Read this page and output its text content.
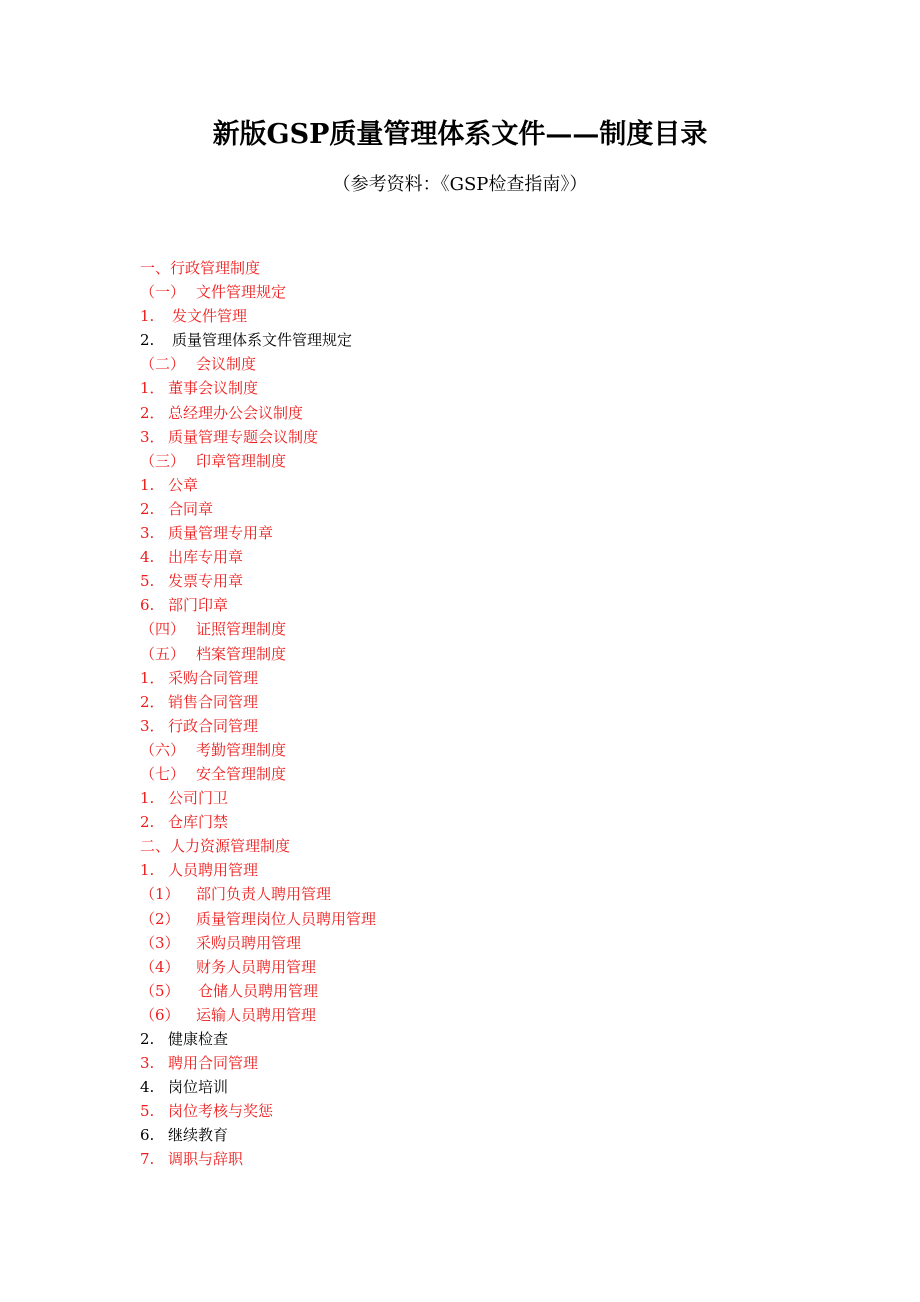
新版GSP质量管理体系文件——制度目录
（参考资料：《GSP检查指南》）
一、行政管理制度
（一） 文件管理规定
1. 发文件管理
2. 质量管理体系文件管理规定
（二） 会议制度
1． 董事会议制度
2． 总经理办公会议制度
3． 质量管理专题会议制度
（三） 印章管理制度
1. 公章
2. 合同章
3. 质量管理专用章
4. 出库专用章
5. 发票专用章
6. 部门印章
（四） 证照管理制度
（五） 档案管理制度
1． 采购合同管理
2． 销售合同管理
3． 行政合同管理
（六） 考勤管理制度
（七） 安全管理制度
1. 公司门卫
2. 仓库门禁
二、人力资源管理制度
1. 人员聘用管理
（1） 部门负责人聘用管理
（2） 质量管理岗位人员聘用管理
（3） 采购员聘用管理
（4） 财务人员聘用管理
（5） 仓储人员聘用管理
（6） 运输人员聘用管理
2. 健康检查
3. 聘用合同管理
4. 岗位培训
5. 岗位考核与奖惩
6. 继续教育
7. 调职与辞职
